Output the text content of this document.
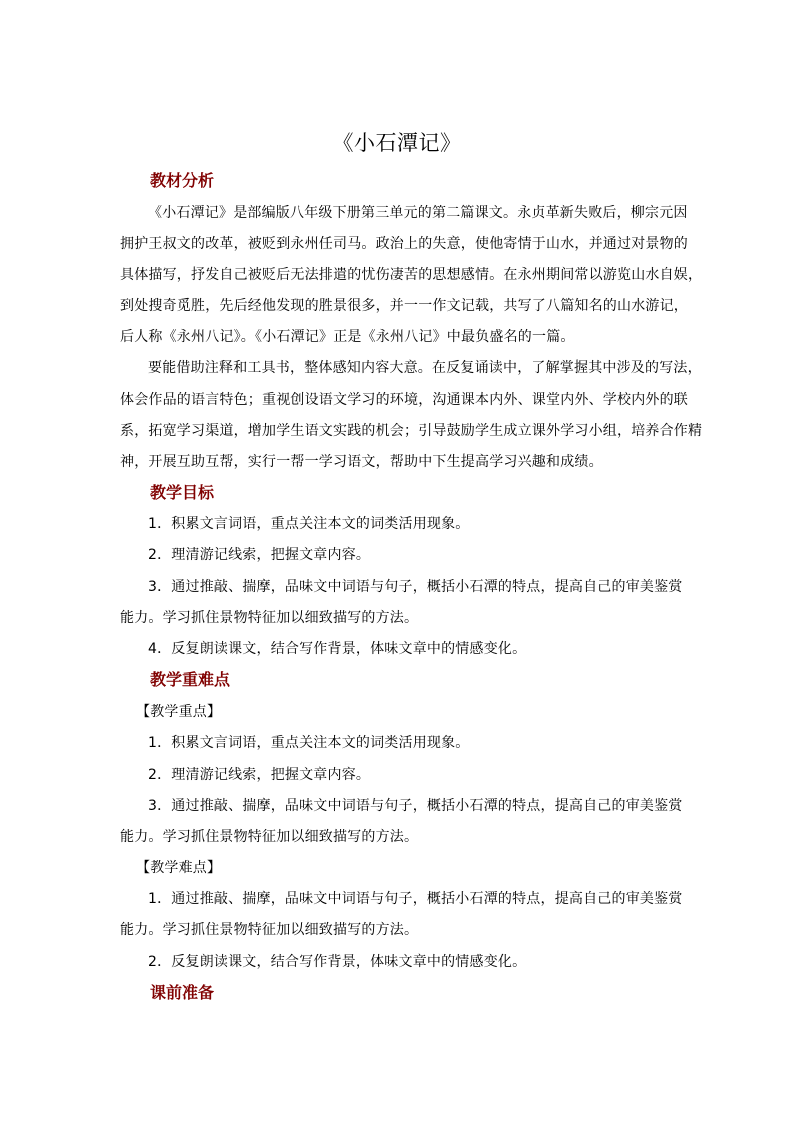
《小石潭记》
教材分析
《小石潭记》是部编版八年级下册第三单元的第二篇课文。永贞革新失败后，柳宗元因
拥护王叔文的改革，被贬到永州任司马。政治上的失意，使他寄情于山水，并通过对景物的
具体描写，抒发自己被贬后无法排遣的忧伤凄苦的思想感情。在永州期间常以游览山水自娱，
到处搜奇觅胜，先后经他发现的胜景很多，并一一作文记载，共写了八篇知名的山水游记，
后人称《永州八记》。《小石潭记》正是《永州八记》中最负盛名的一篇。
要能借助注释和工具书，整体感知内容大意。在反复诵读中，了解掌握其中涉及的写法，
体会作品的语言特色；重视创设语文学习的环境，沟通课本内外、课堂内外、学校内外的联
系，拓宽学习渠道，增加学生语文实践的机会；引导鼓励学生成立课外学习小组，培养合作精
神，开展互助互帮，实行一帮一学习语文，帮助中下生提高学习兴趣和成绩。
教学目标
1．积累文言词语，重点关注本文的词类活用现象。
2．理清游记线索，把握文章内容。
3．通过推敲、揣摩，品味文中词语与句子，概括小石潭的特点，提高自己的审美鉴赏
能力。学习抓住景物特征加以细致描写的方法。
4．反复朗读课文，结合写作背景，体味文章中的情感变化。
教学重难点
【教学重点】
1．积累文言词语，重点关注本文的词类活用现象。
2．理清游记线索，把握文章内容。
3．通过推敲、揣摩，品味文中词语与句子，概括小石潭的特点，提高自己的审美鉴赏
能力。学习抓住景物特征加以细致描写的方法。
【教学难点】
1．通过推敲、揣摩，品味文中词语与句子，概括小石潭的特点，提高自己的审美鉴赏
能力。学习抓住景物特征加以细致描写的方法。
2．反复朗读课文，结合写作背景，体味文章中的情感变化。
课前准备
